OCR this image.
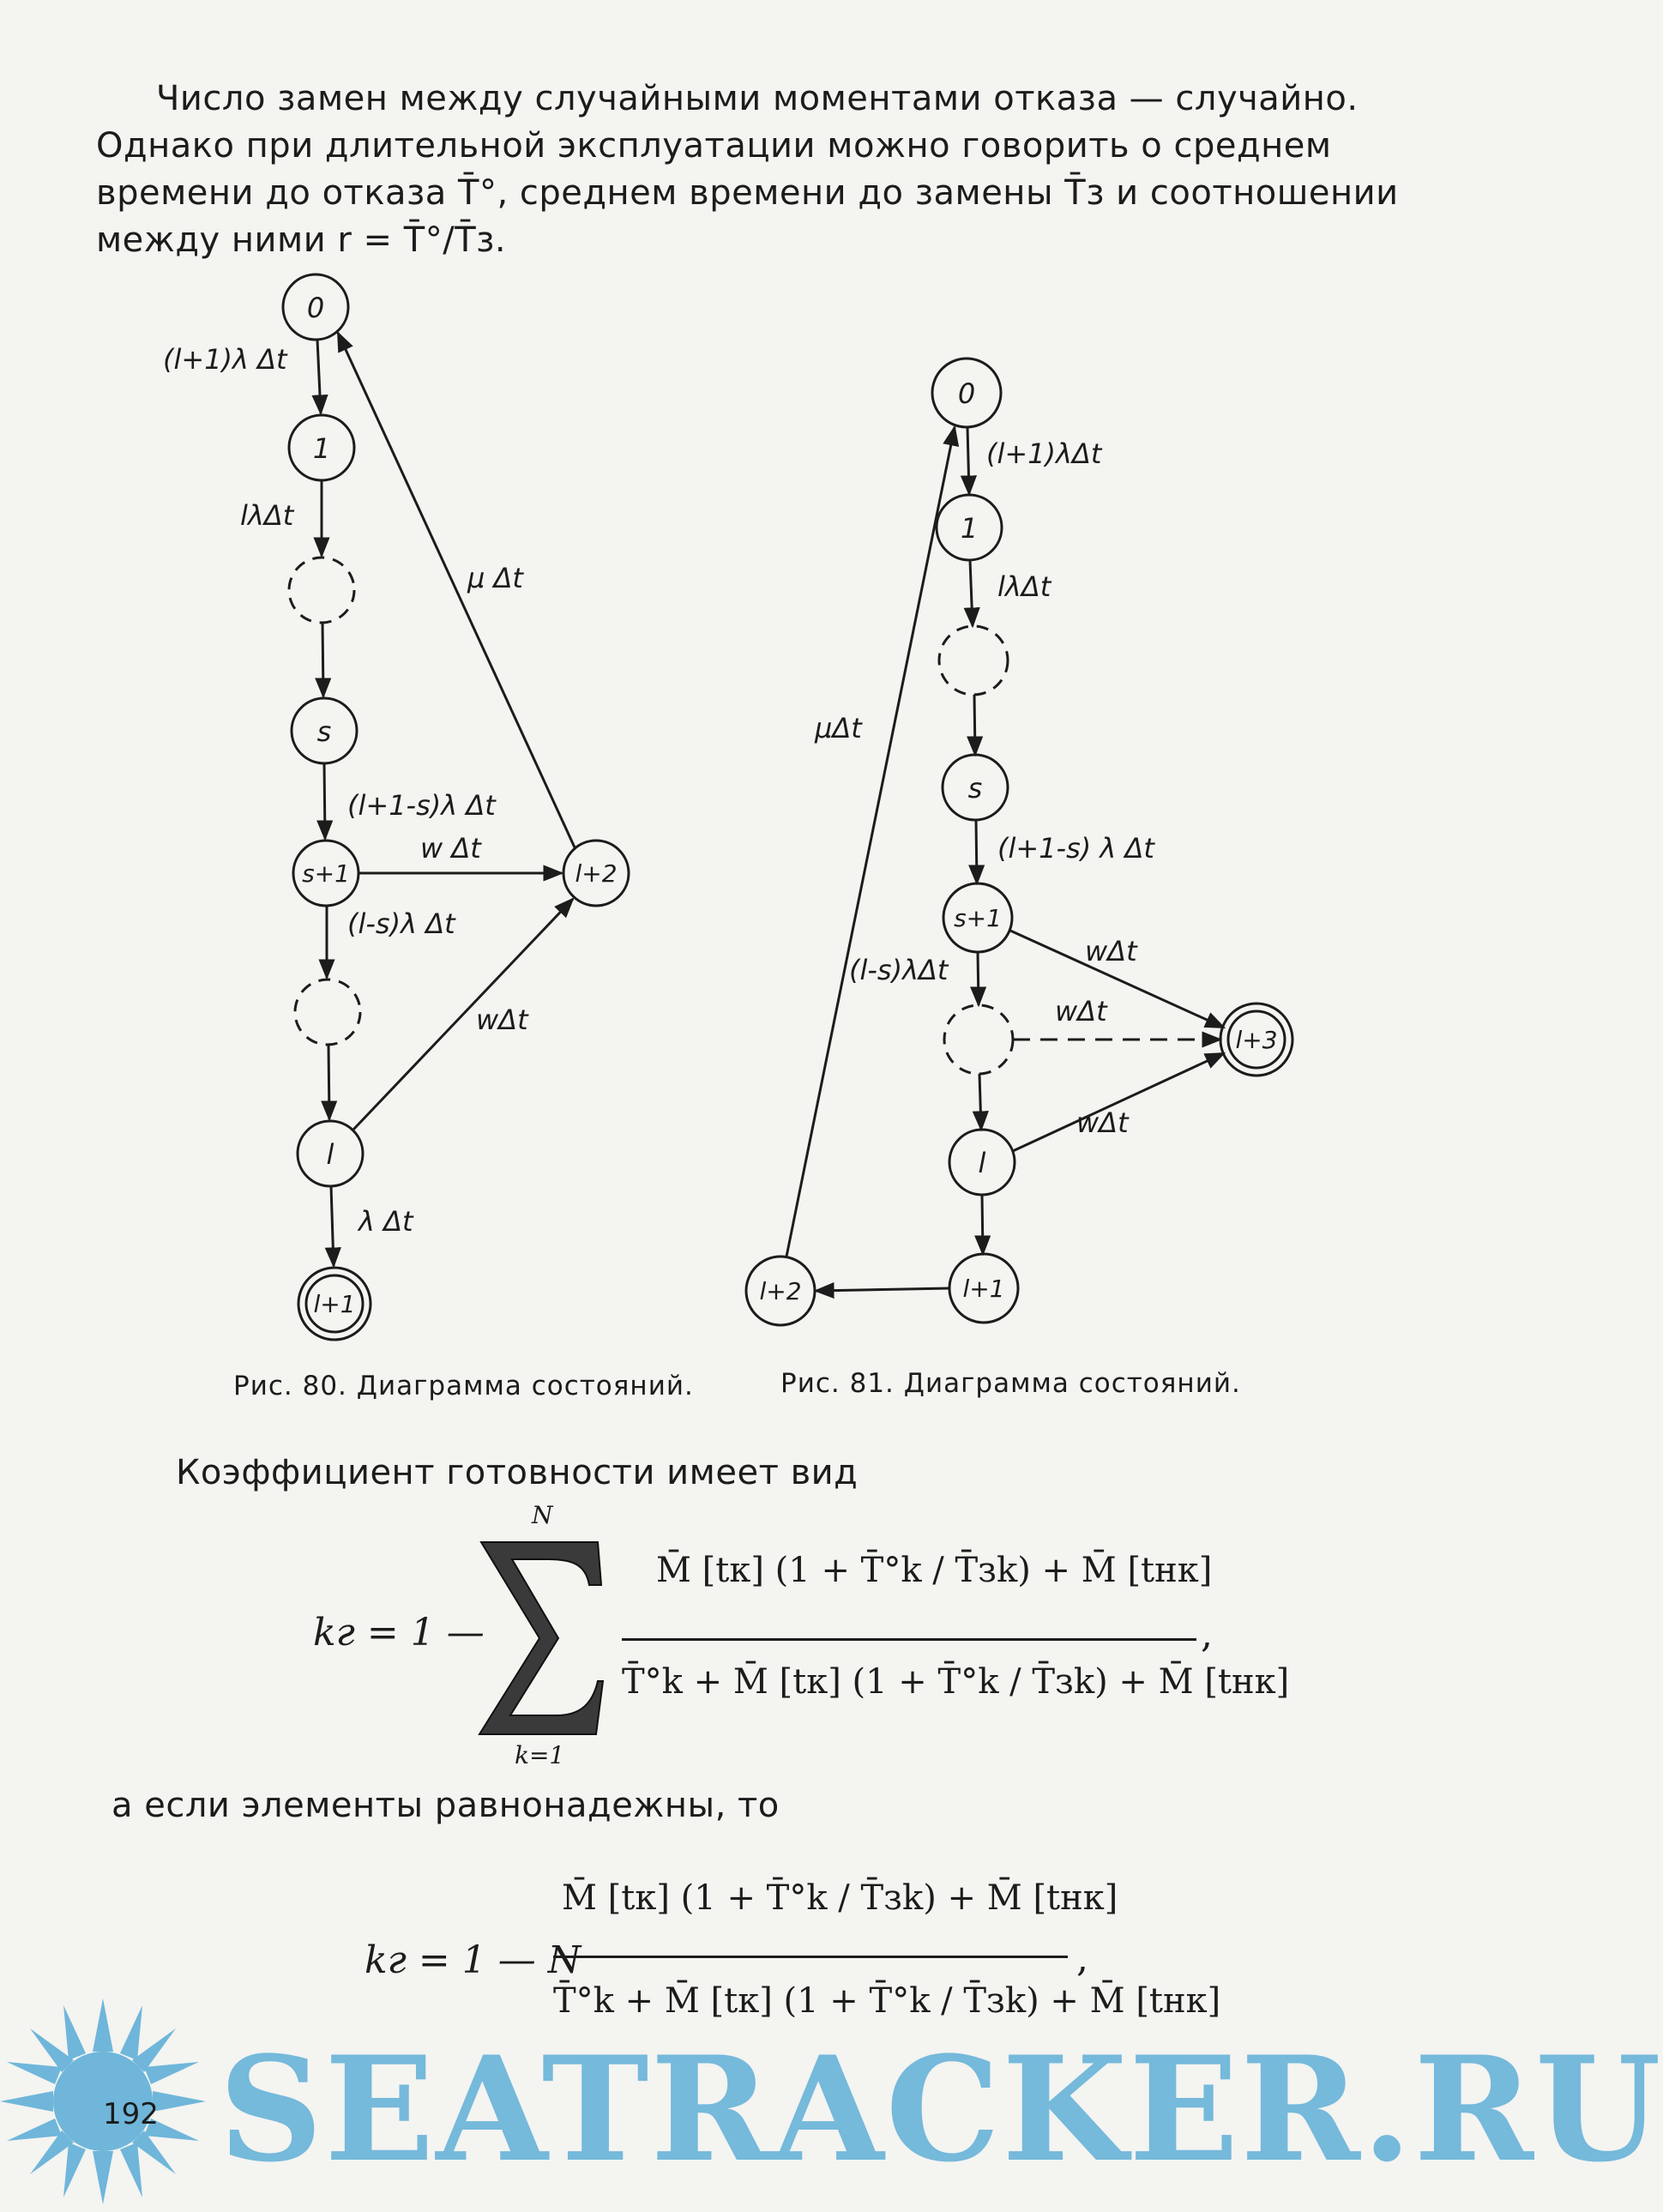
Число замен между случайными моментами отказа — случайно.
Однако при длительной эксплуатации можно говорить о среднем
времени до отказа T̄°, среднем времени до замены T̄з и соотношении
между ними r = T̄°/T̄з.
0
1
s
s+1	l+2
l
l+1
(l+1)λ Δt
lλΔt
μ Δt
(l+1-s)λ Δt
w Δt
(l-s)λ Δt
wΔt
λ Δt
0
1
s
s+1
l+3
l
l+1
l+2
(l+1)λΔt
lλΔt
μΔt
(l+1-s) λ Δt
(l-s)λΔt
wΔt
wΔt
wΔt
Рис. 80. Диаграмма состояний.	Рис. 81. Диаграмма состояний.
Коэффициент готовности имеет вид
kг = 1 —
N
k=1
M̄ [tк] (1 + T̄°k / T̄зk) + M̄ [tнк]
T̄°k + M̄ [tк] (1 + T̄°k / T̄зk) + M̄ [tнк]
,
а если элементы равнонадежны, то
kг = 1 — N
M̄ [tк] (1 + T̄°k / T̄зk) + M̄ [tнк]
T̄°k + M̄ [tк] (1 + T̄°k / T̄зk) + M̄ [tнк]
,
192 SEATRACKER.RU
